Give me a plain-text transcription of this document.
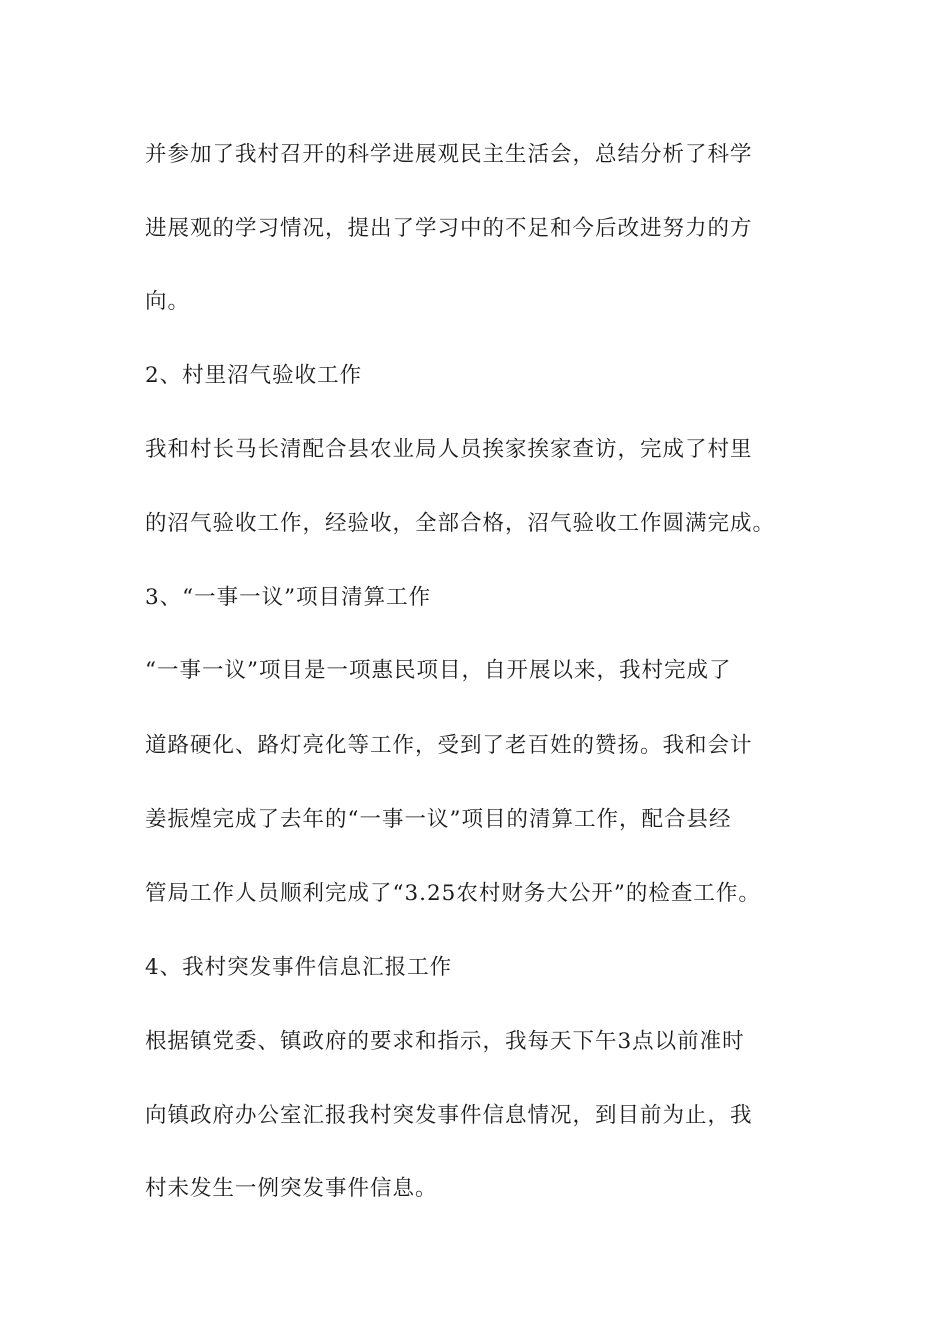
并参加了我村召开的科学进展观民主生活会，总结分析了科学

进展观的学习情况，提出了学习中的不足和今后改进努力的方

向。

2、村里沼气验收工作

我和村长马长清配合县农业局人员挨家挨家查访，完成了村里

的沼气验收工作，经验收，全部合格，沼气验收工作圆满完成。

3、“一事一议”项目清算工作

“一事一议”项目是一项惠民项目，自开展以来，我村完成了

道路硬化、路灯亮化等工作，受到了老百姓的赞扬。我和会计

姜振煌完成了去年的“一事一议”项目的清算工作，配合县经

管局工作人员顺利完成了“3.25农村财务大公开”的检查工作。

4、我村突发事件信息汇报工作

根据镇党委、镇政府的要求和指示，我每天下午3点以前准时

向镇政府办公室汇报我村突发事件信息情况，到目前为止，我

村未发生一例突发事件信息。
